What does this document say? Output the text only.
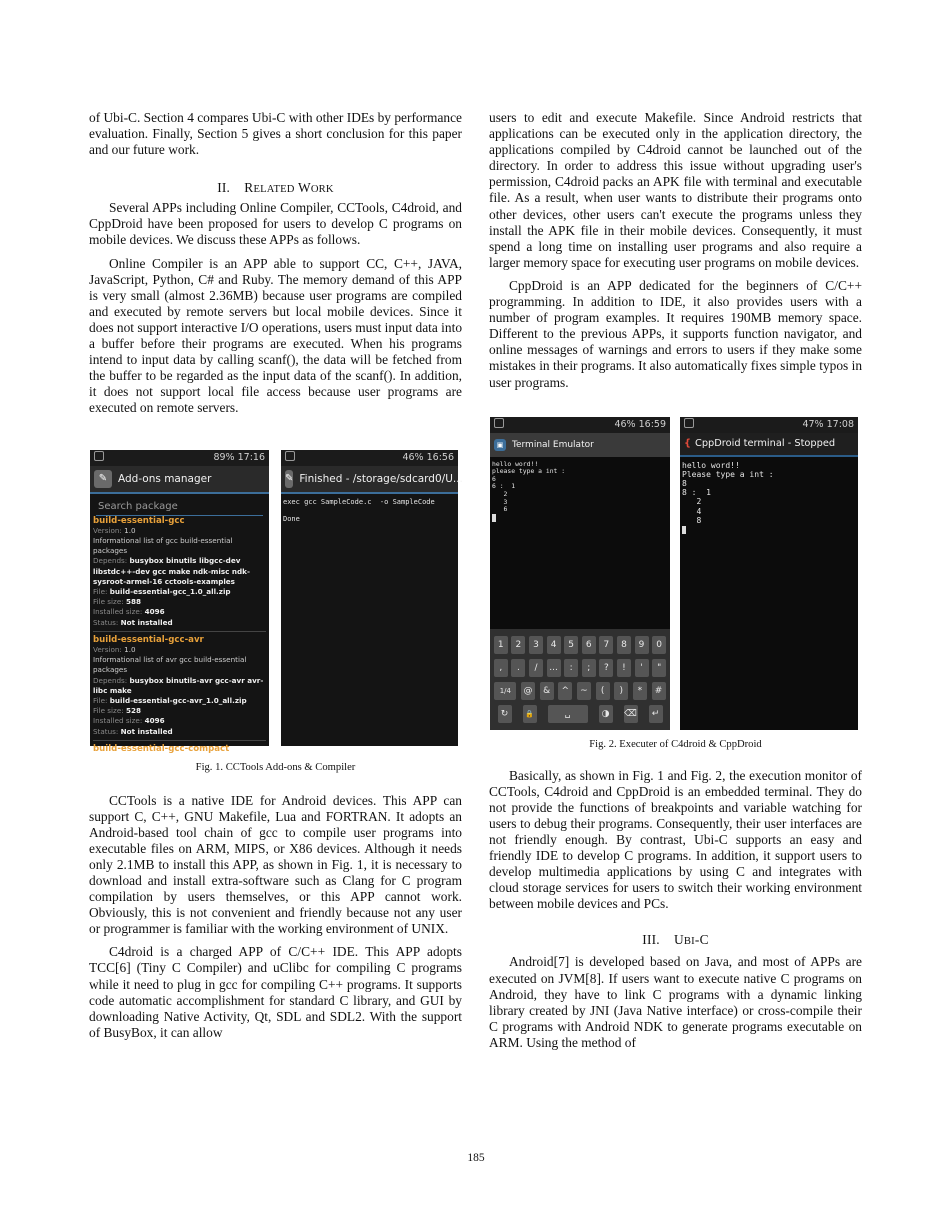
of Ubi-C. Section 4 compares Ubi-C with other IDEs by performance evaluation. Finally, Section 5 gives a short conclusion for this paper and our future work.

II. RELATED WORK

Several APPs including Online Compiler, CCTools, C4droid, and CppDroid have been proposed for users to develop C programs on mobile devices. We discuss these APPs as follows.

Online Compiler is an APP able to support CC, C++, JAVA, JavaScript, Python, C# and Ruby. The memory demand of this APP is very small (almost 2.36MB) because user programs are compiled and executed by remote servers but local mobile devices. Since it does not support interactive I/O operations, users must input data into a buffer before their programs are executed. When his programs intend to input data by calling scanf(), the data will be fetched from the buffer to be regarded as the input data of the scanf(). In addition, it does not support local file access because user programs are executed on remote servers.

89% 17:16
✎	Add-ons manager
Search package
build-essential-gcc
Version: 1.0
Informational list of gcc build-essential packages
Depends: busybox binutils libgcc-dev libstdc++-dev gcc make ndk-misc ndk-sysroot-armel-16 cctools-examples
File: build-essential-gcc_1.0_all.zip
File size: 588
Installed size: 4096
Status: Not installed
build-essential-gcc-avr
Version: 1.0
Informational list of avr gcc build-essential packages
Depends: busybox binutils-avr gcc-avr avr-libc make
File: build-essential-gcc-avr_1.0_all.zip
File size: 528
Installed size: 4096
Status: Not installed
build-essential-gcc-compact
46% 16:56
✎ Finished - /storage/sdcard0/U...
exec gcc SampleCode.c  -o SampleCode

Done
Fig. 1. CCTools Add-ons & Compiler

CCTools is a native IDE for Android devices. This APP can support C, C++, GNU Makefile, Lua and FORTRAN. It adopts an Android-based tool chain of gcc to compile user programs into executable files on ARM, MIPS, or X86 devices. Although it needs only 2.1MB to install this APP, as shown in Fig. 1, it is necessary to download and install extra-software such as Clang for C program compilation by users themselves, or this APP cannot work. Obviously, this is not convenient and friendly because not any user or programmer is familiar with the working environment of UNIX.

C4droid is a charged APP of C/C++ IDE. This APP adopts TCC[6] (Tiny C Compiler) and uClibc for compiling C programs while it need to plug in gcc for compiling C++ programs. It supports code automatic accomplishment for standard C library, and GUI by downloading Native Activity, Qt, SDL and SDL2. With the support of BusyBox, it can allow

users to edit and execute Makefile. Since Android restricts that applications can be executed only in the application directory, the applications compiled by C4droid cannot be launched out of the directory. In order to address this issue without upgrading user's permission, C4droid packs an APK file with terminal and executable file. As a result, when user wants to distribute their programs onto other devices, other users can't execute the programs unless they install the APK file in their mobile devices. Consequently, it must spend a long time on installing user programs and also require a larger memory space for executing user programs on mobile devices.

CppDroid is an APP dedicated for the beginners of C/C++ programming. In addition to IDE, it also provides users with a number of program examples. It requires 190MB memory space. Different to the previous APPs, it supports function navigator, and online messages of warnings and errors to users if they make some mistakes in their programs. It also automatically fixes simple typos in user programs.

46% 16:59
▣ Terminal Emulator
hello word!!
please type a int :
6
6 :  1
2
3
6
1	2	3	4	5	6	7	8	9	0
,	.	/	...	:	;	?	!	'	"
1/4	@	&	^	~	(	)	*	#
↻	🔒	␣	◑	⌫	↵
47% 17:08
{ CppDroid terminal - Stopped
hello word!!
Please type a int :
8
8 :  1
2
4
8
Fig. 2. Executer of C4droid & CppDroid

Basically, as shown in Fig. 1 and Fig. 2, the execution monitor of CCTools, C4droid and CppDroid is an embedded terminal. They do not provide the functions of breakpoints and variable watching for users to debug their programs. Consequently, their user interfaces are not friendly enough. By contrast, Ubi-C supports an easy and friendly IDE to develop C programs. In addition, it support users to develop multimedia applications by using C and integrates with cloud storage services for users to switch their working environment between mobile devices and PCs.

III. UBI-C

Android[7] is developed based on Java, and most of APPs are executed on JVM[8]. If users want to execute native C programs on Android, they have to link C programs with a dynamic linking library created by JNI (Java Native interface) or cross-compile their C programs with Android NDK to generate programs executable on ARM. Using the method of

185
